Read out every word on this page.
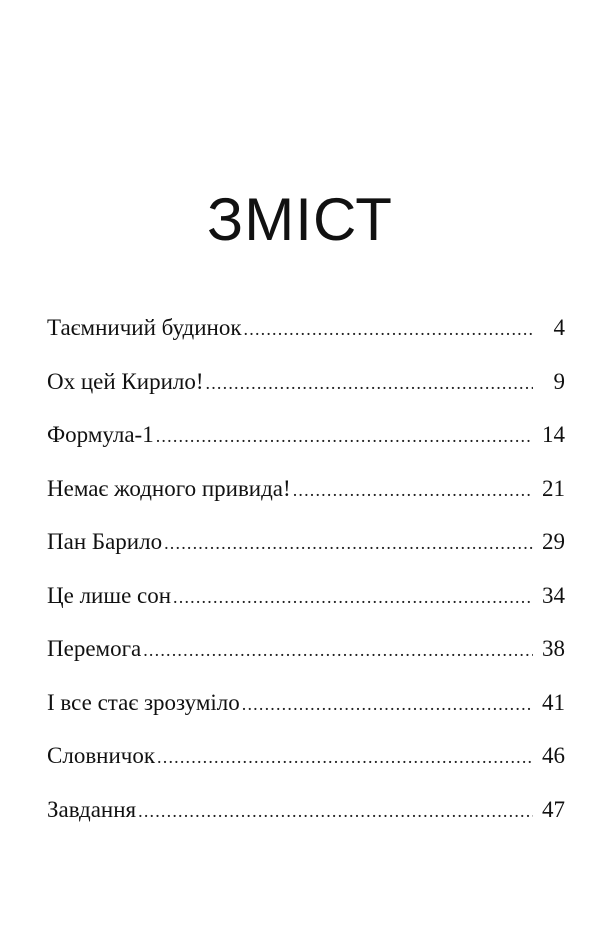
ЗМІСТ
Таємничий будинок .....	4
Ох цей Кирило! .....	9
Формула-1 .....	14
Немає жодного привида! .....	21
Пан Барило .....	29
Це лише сон .....	34
Перемога .....	38
І все стає зрозуміло .....	41
Словничок .....	46
Завдання .....	47
